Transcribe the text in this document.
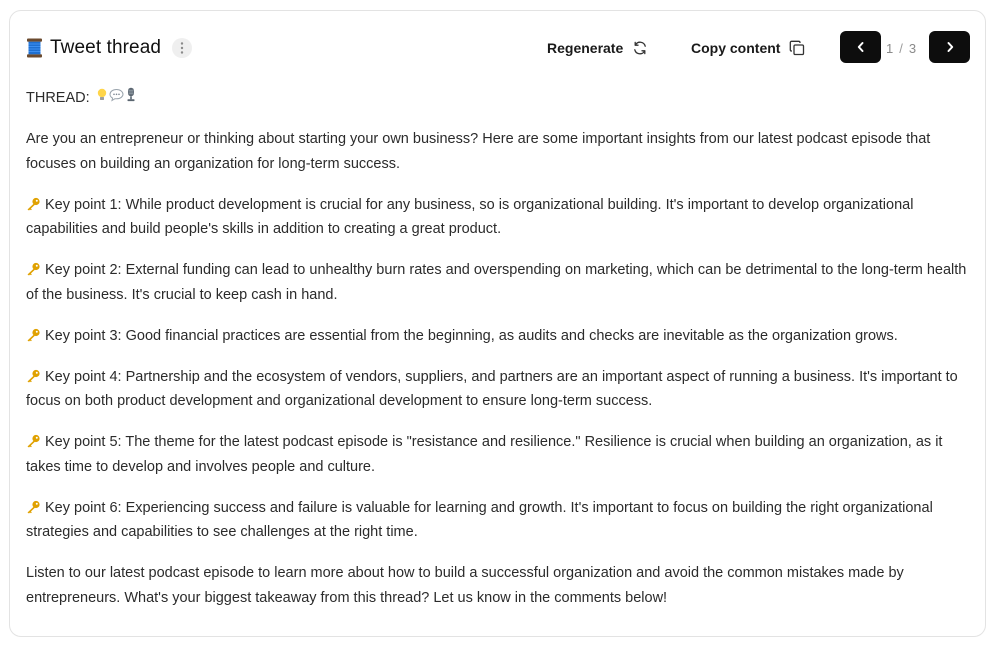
Tweet thread	Regenerate	Copy content	1 / 3

THREAD:

Are you an entrepreneur or thinking about starting your own business? Here are some important insights from our latest podcast episode that focuses on building an organization for long-term success.

Key point 1: While product development is crucial for any business, so is organizational building. It's important to develop organizational capabilities and build people's skills in addition to creating a great product.

Key point 2: External funding can lead to unhealthy burn rates and overspending on marketing, which can be detrimental to the long-term health of the business. It's crucial to keep cash in hand.

Key point 3: Good financial practices are essential from the beginning, as audits and checks are inevitable as the organization grows.

Key point 4: Partnership and the ecosystem of vendors, suppliers, and partners are an important aspect of running a business. It's important to focus on both product development and organizational development to ensure long-term success.

Key point 5: The theme for the latest podcast episode is "resistance and resilience." Resilience is crucial when building an organization, as it takes time to develop and involves people and culture.

Key point 6: Experiencing success and failure is valuable for learning and growth. It's important to focus on building the right organizational strategies and capabilities to see challenges at the right time.

Listen to our latest podcast episode to learn more about how to build a successful organization and avoid the common mistakes made by entrepreneurs. What's your biggest takeaway from this thread? Let us know in the comments below!
